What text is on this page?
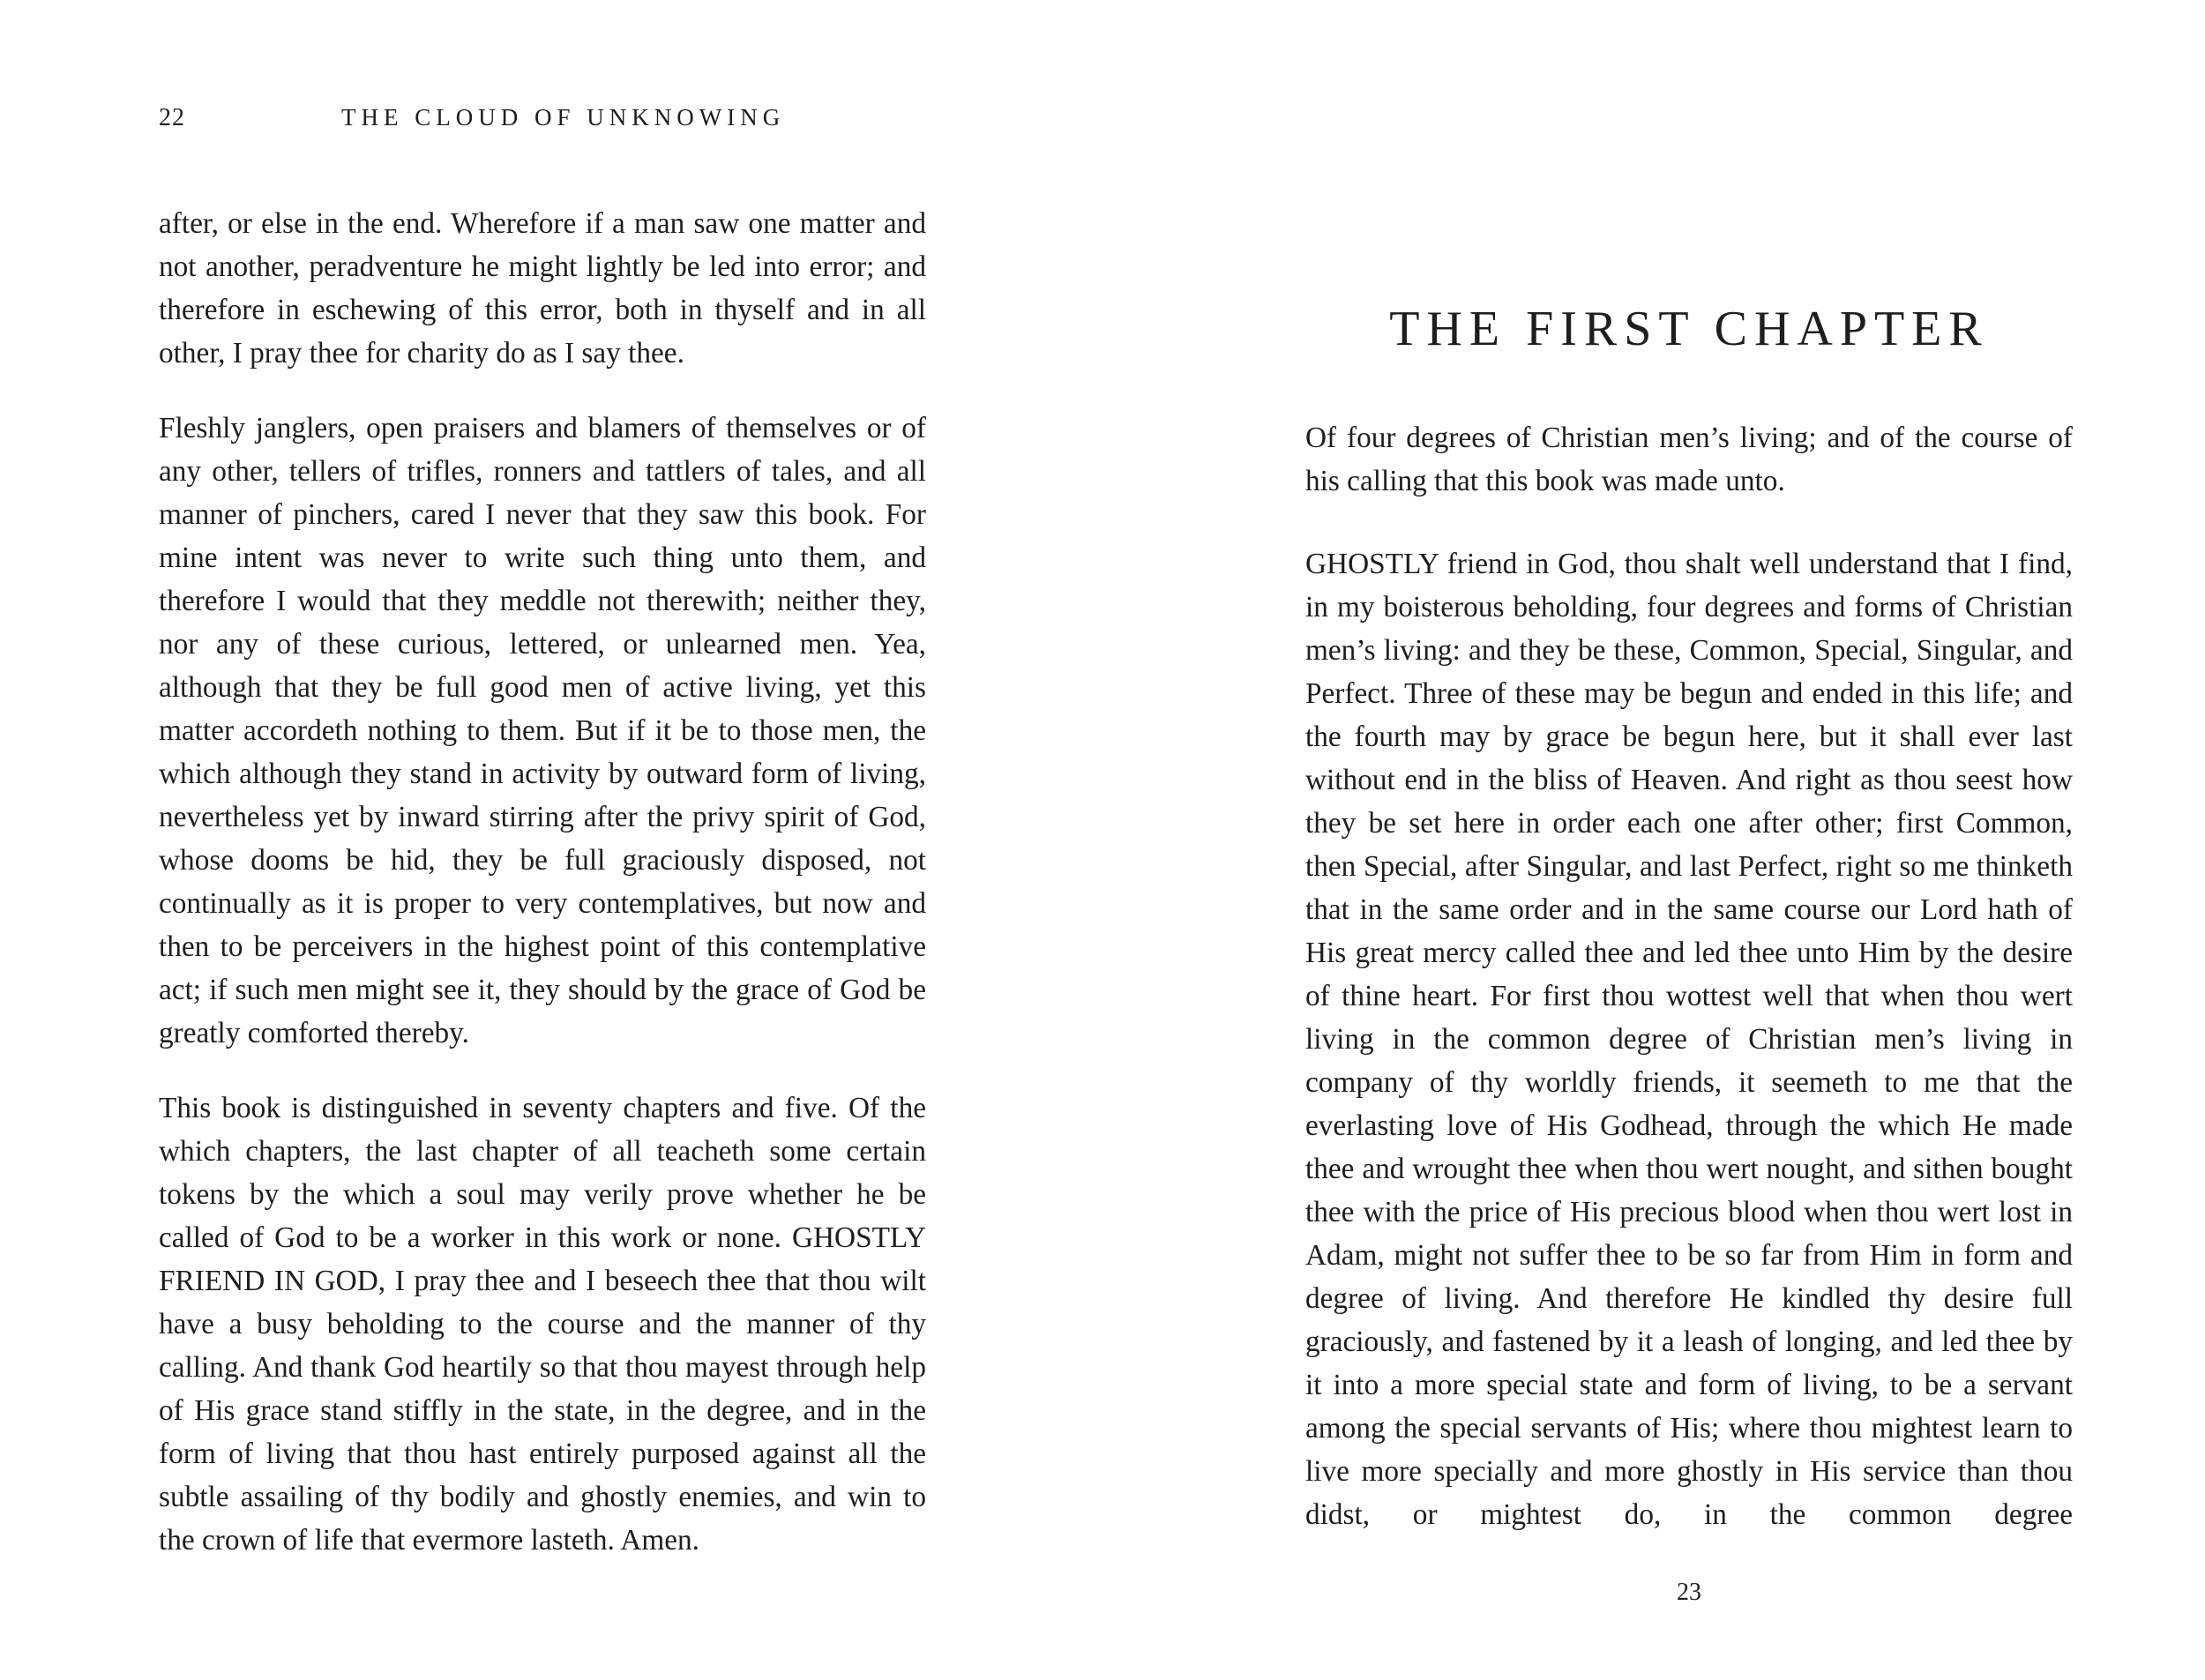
22	THE CLOUD OF UNKNOWING

after, or else in the end. Wherefore if a man saw one matter and not another, peradventure he might lightly be led into error; and therefore in eschewing of this error, both in thyself and in all other, I pray thee for charity do as I say thee.

Fleshly janglers, open praisers and blamers of themselves or of any other, tellers of trifles, ronners and tattlers of tales, and all manner of pinchers, cared I never that they saw this book. For mine intent was never to write such thing unto them, and therefore I would that they meddle not therewith; neither they, nor any of these curious, lettered, or unlearned men. Yea, although that they be full good men of active living, yet this matter accordeth nothing to them. But if it be to those men, the which although they stand in activity by outward form of living, nevertheless yet by inward stirring after the privy spirit of God, whose dooms be hid, they be full graciously disposed, not continually as it is proper to very contemplatives, but now and then to be perceivers in the highest point of this contemplative act; if such men might see it, they should by the grace of God be greatly comforted thereby.

This book is distinguished in seventy chapters and five. Of the which chapters, the last chapter of all teacheth some certain tokens by the which a soul may verily prove whether he be called of God to be a worker in this work or none. GHOSTLY FRIEND IN GOD, I pray thee and I beseech thee that thou wilt have a busy beholding to the course and the manner of thy calling. And thank God heartily so that thou mayest through help of His grace stand stiffly in the state, in the degree, and in the form of living that thou hast entirely purposed against all the subtle assailing of thy bodily and ghostly enemies, and win to the crown of life that evermore lasteth. Amen.

THE FIRST CHAPTER

Of four degrees of Christian men’s living; and of the course of his calling that this book was made unto.

GHOSTLY friend in God, thou shalt well understand that I find, in my boisterous beholding, four degrees and forms of Christian men’s living: and they be these, Common, Special, Singular, and Perfect. Three of these may be begun and ended in this life; and the fourth may by grace be begun here, but it shall ever last without end in the bliss of Heaven. And right as thou seest how they be set here in order each one after other; first Common, then Special, after Singular, and last Perfect, right so me thinketh that in the same order and in the same course our Lord hath of His great mercy called thee and led thee unto Him by the desire of thine heart. For first thou wottest well that when thou wert living in the common degree of Christian men’s living in company of thy worldly friends, it seemeth to me that the everlasting love of His Godhead, through the which He made thee and wrought thee when thou wert nought, and sithen bought thee with the price of His precious blood when thou wert lost in Adam, might not suffer thee to be so far from Him in form and degree of living. And therefore He kindled thy desire full graciously, and fastened by it a leash of longing, and led thee by it into a more special state and form of living, to be a servant among the special servants of His; where thou mightest learn to live more specially and more ghostly in His service than thou didst, or mightest do, in the common degree

23
